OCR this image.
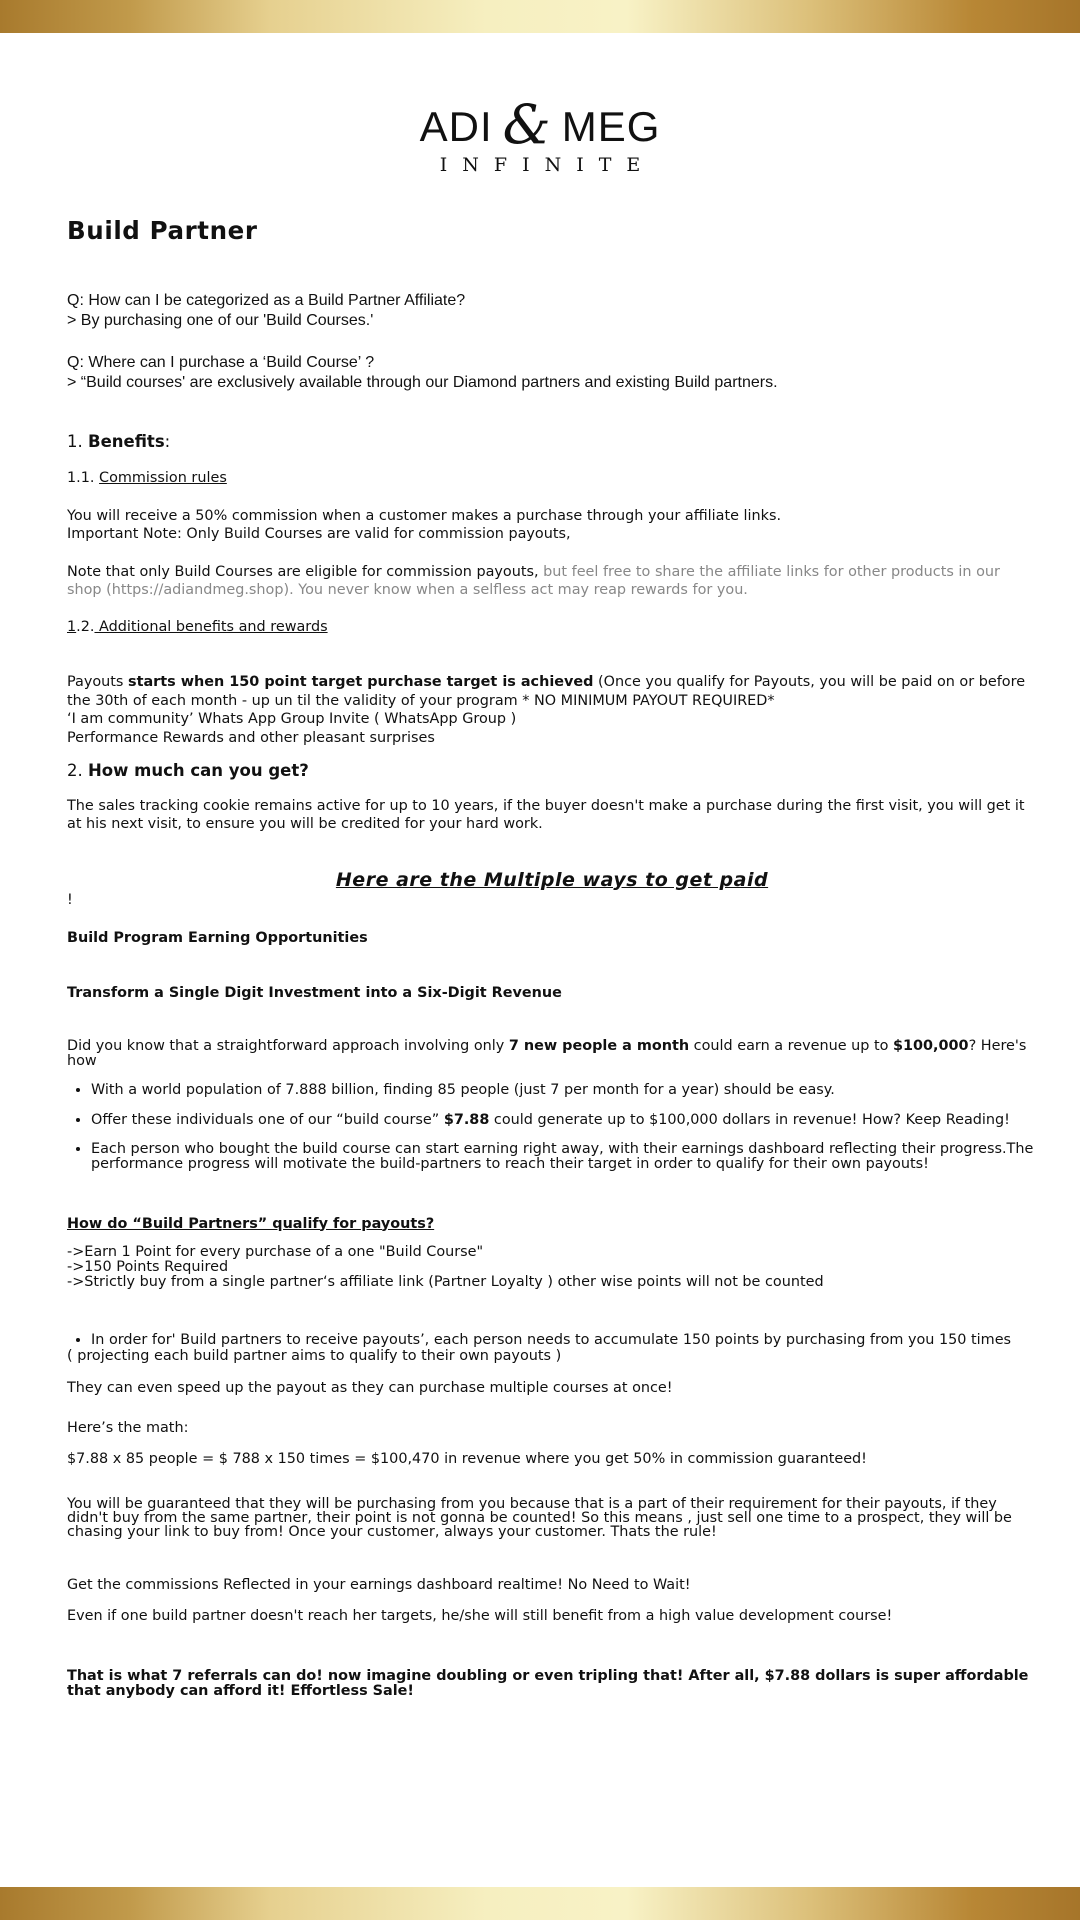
ADI & MEG
INFINITE
Build Partner

Q: How can I be categorized as a Build Partner Affiliate?

> By purchasing one of our 'Build Courses.'

Q: Where can I purchase a ‘Build Course’ ?

> “Build courses' are exclusively available through our Diamond partners and existing Build partners.

1. Benefits:

1.1. Commission rules

You will receive a 50% commission when a customer makes a purchase through your affiliate links.

Important Note: Only Build Courses are valid for commission payouts,

Note that only Build Courses are eligible for commission payouts, but feel free to share the affiliate links for other products in our shop (https://adiandmeg.shop). You never know when a selfless act may reap rewards for you.

1.2. Additional benefits and rewards

Payouts starts when 150 point target purchase target is achieved (Once you qualify for Payouts, you will be paid on or before the 30th of each month - up un til the validity of your program * NO MINIMUM PAYOUT REQUIRED*

‘I am community’ Whats App Group Invite ( WhatsApp Group )

Performance Rewards and other pleasant surprises

2. How much can you get?

The sales tracking cookie remains active for up to 10 years, if the buyer doesn't make a purchase during the first visit, you will get it at his next visit, to ensure you will be credited for your hard work.

Here are the Multiple ways to get paid

!

Build Program Earning Opportunities

Transform a Single Digit Investment into a Six-Digit Revenue

Did you know that a straightforward approach involving only 7 new people a month could earn a revenue up to $100,000? Here's how

• With a world population of 7.888 billion, finding 85 people (just 7 per month for a year) should be easy.
• Offer these individuals one of our “build course” $7.88 could generate up to $100,000 dollars in revenue! How? Keep Reading!
• Each person who bought the build course can start earning right away, with their earnings dashboard reflecting their progress.The performance progress will motivate the build-partners to reach their target in order to qualify for their own payouts!

How do “Build Partners” qualify for payouts?

->Earn 1 Point for every purchase of a one "Build Course"

->150 Points Required

->Strictly buy from a single partner‘s affiliate link (Partner Loyalty ) other wise points will not be counted

• In order for' Build partners to receive payouts’, each person needs to accumulate 150 points by purchasing from you 150 times

( projecting each build partner aims to qualify to their own payouts )

They can even speed up the payout as they can purchase multiple courses at once!

Here’s the math:

$7.88 x 85 people = $ 788 x 150 times = $100,470 in revenue where you get 50% in commission guaranteed!

You will be guaranteed that they will be purchasing from you because that is a part of their requirement for their payouts, if they didn't buy from the same partner, their point is not gonna be counted! So this means , just sell one time to a prospect, they will be chasing your link to buy from! Once your customer, always your customer. Thats the rule!

Get the commissions Reflected in your earnings dashboard realtime! No Need to Wait!

Even if one build partner doesn't reach her targets, he/she will still benefit from a high value development course!

That is what 7 referrals can do! now imagine doubling or even tripling that! After all, $7.88 dollars is super affordable that anybody can afford it! Effortless Sale!
